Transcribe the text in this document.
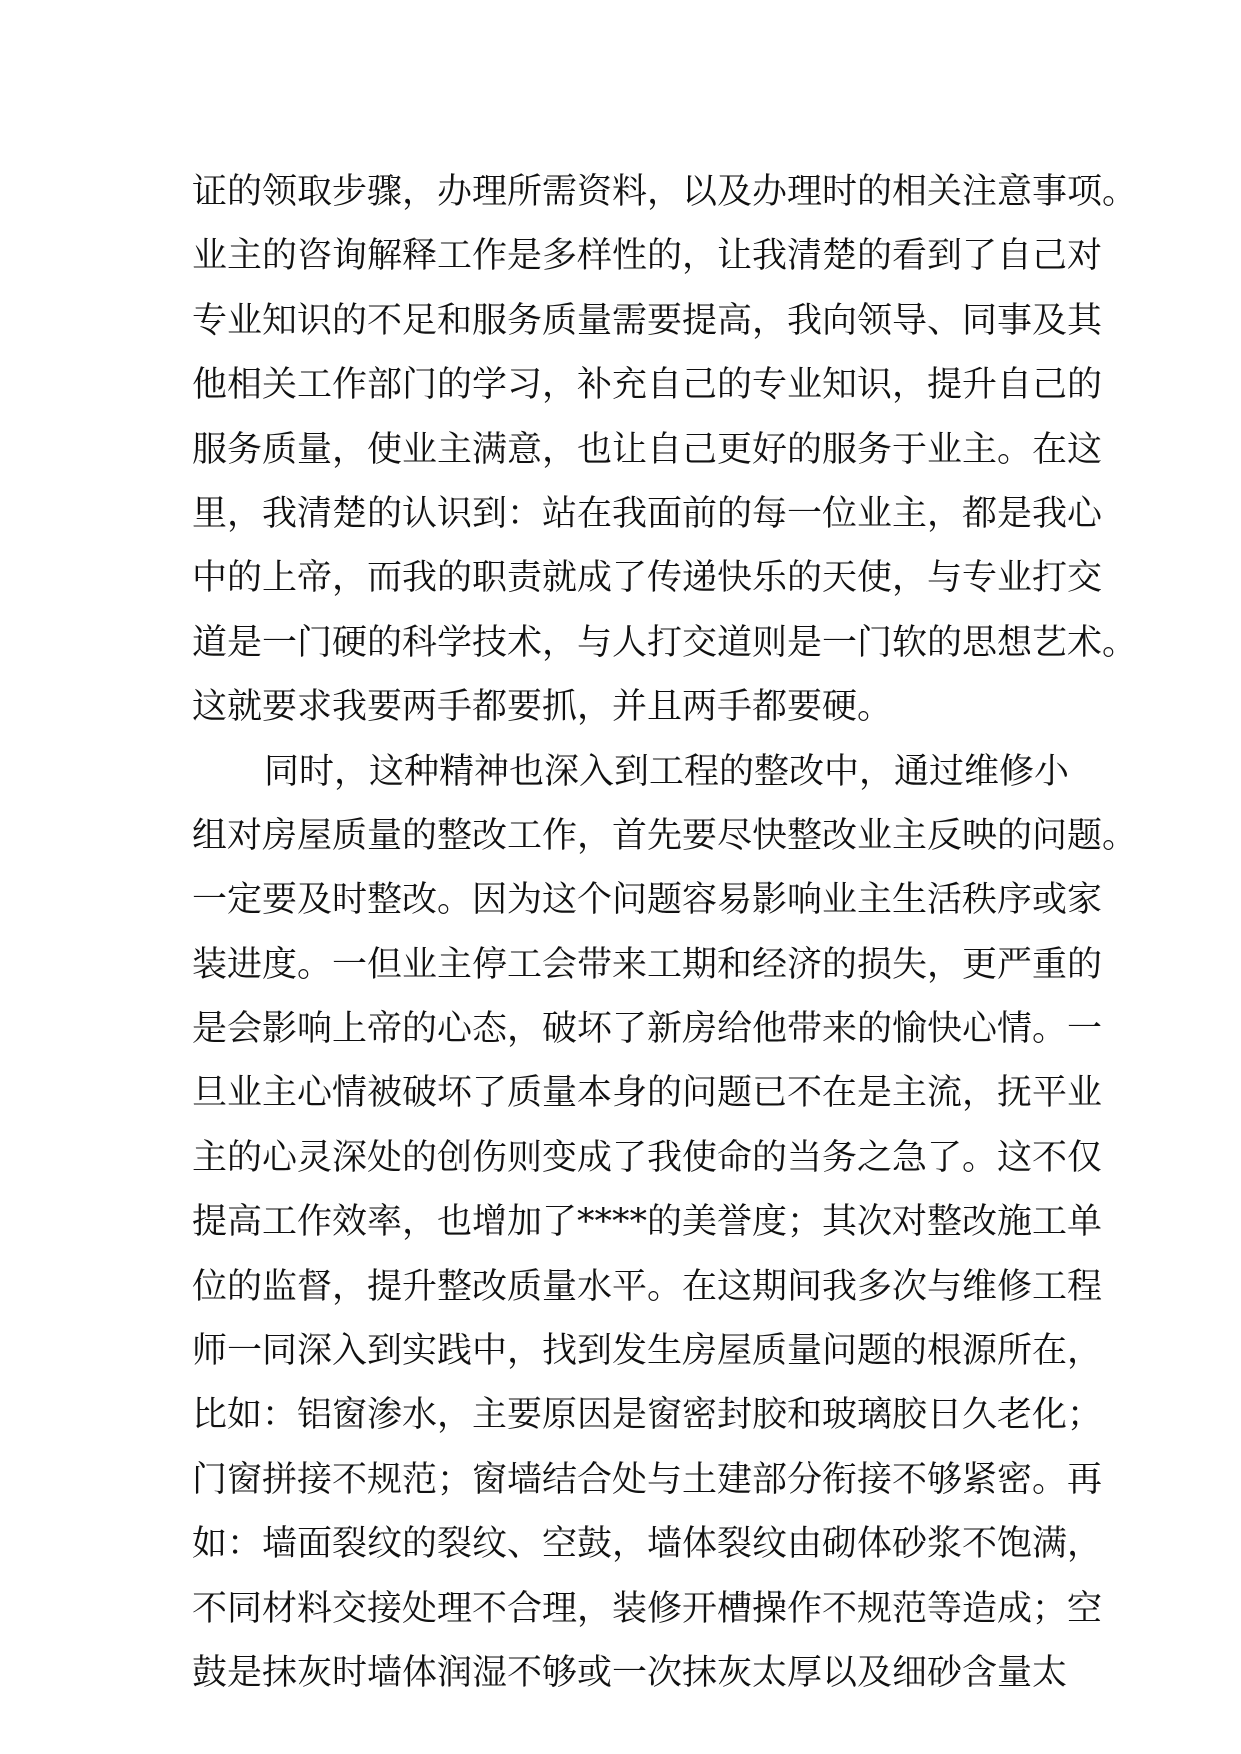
证的领取步骤，办理所需资料，以及办理时的相关注意事项。
业主的咨询解释工作是多样性的，让我清楚的看到了自己对
专业知识的不足和服务质量需要提高，我向领导、同事及其
他相关工作部门的学习，补充自己的专业知识，提升自己的
服务质量，使业主满意，也让自己更好的服务于业主。在这
里，我清楚的认识到：站在我面前的每一位业主，都是我心
中的上帝，而我的职责就成了传递快乐的天使，与专业打交
道是一门硬的科学技术，与人打交道则是一门软的思想艺术。
这就要求我要两手都要抓，并且两手都要硬。
同时，这种精神也深入到工程的整改中，通过维修小
组对房屋质量的整改工作，首先要尽快整改业主反映的问题。
一定要及时整改。因为这个问题容易影响业主生活秩序或家
装进度。一但业主停工会带来工期和经济的损失，更严重的
是会影响上帝的心态，破坏了新房给他带来的愉快心情。一
旦业主心情被破坏了质量本身的问题已不在是主流，抚平业
主的心灵深处的创伤则变成了我使命的当务之急了。这不仅
提高工作效率，也增加了****的美誉度；其次对整改施工单
位的监督，提升整改质量水平。在这期间我多次与维修工程
师一同深入到实践中，找到发生房屋质量问题的根源所在，
比如：铝窗渗水，主要原因是窗密封胶和玻璃胶日久老化；
门窗拼接不规范；窗墙结合处与土建部分衔接不够紧密。再
如：墙面裂纹的裂纹、空鼓，墙体裂纹由砌体砂浆不饱满，
不同材料交接处理不合理，装修开槽操作不规范等造成；空
鼓是抹灰时墙体润湿不够或一次抹灰太厚以及细砂含量太
